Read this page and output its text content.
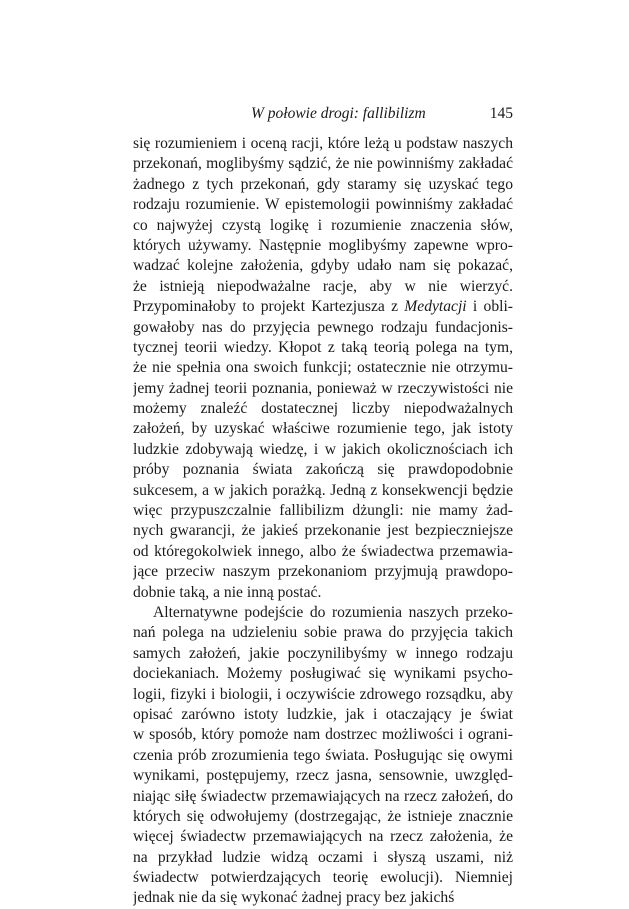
W połowie drogi: fallibilizm	145

się rozumieniem i oceną racji, które leżą u podstaw naszych
przekonań, moglibyśmy sądzić, że nie powinniśmy zakładać
żadnego z tych przekonań, gdy staramy się uzyskać tego
rodzaju rozumienie. W epistemologii powinniśmy zakładać
co najwyżej czystą logikę i rozumienie znaczenia słów,
których używamy. Następnie moglibyśmy zapewne wpro-
wadzać kolejne założenia, gdyby udało nam się pokazać,
że istnieją niepodważalne racje, aby w nie wierzyć.
Przypominałoby to projekt Kartezjusza z Medytacji i obli-
gowałoby nas do przyjęcia pewnego rodzaju fundacjonis-
tycznej teorii wiedzy. Kłopot z taką teorią polega na tym,
że nie spełnia ona swoich funkcji; ostatecznie nie otrzymu-
jemy żadnej teorii poznania, ponieważ w rzeczywistości nie
możemy znaleźć dostatecznej liczby niepodważalnych
założeń, by uzyskać właściwe rozumienie tego, jak istoty
ludzkie zdobywają wiedzę, i w jakich okolicznościach ich
próby poznania świata zakończą się prawdopodobnie
sukcesem, a w jakich porażką. Jedną z konsekwencji będzie
więc przypuszczalnie fallibilizm dżungli: nie mamy żad-
nych gwarancji, że jakieś przekonanie jest bezpieczniejsze
od któregokolwiek innego, albo że świadectwa przemawia-
jące przeciw naszym przekonaniom przyjmują prawdopo-
dobnie taką, a nie inną postać.

Alternatywne podejście do rozumienia naszych przeko-
nań polega na udzieleniu sobie prawa do przyjęcia takich
samych założeń, jakie poczynilibyśmy w innego rodzaju
dociekaniach. Możemy posługiwać się wynikami psycho-
logii, fizyki i biologii, i oczywiście zdrowego rozsądku, aby
opisać zarówno istoty ludzkie, jak i otaczający je świat
w sposób, który pomoże nam dostrzec możliwości i ograni-
czenia prób zrozumienia tego świata. Posługując się owymi
wynikami, postępujemy, rzecz jasna, sensownie, uwzględ-
niając siłę świadectw przemawiających na rzecz założeń, do
których się odwołujemy (dostrzegając, że istnieje znacznie
więcej świadectw przemawiających na rzecz założenia, że
na przykład ludzie widzą oczami i słyszą uszami, niż
świadectw potwierdzających teorię ewolucji). Niemniej
jednak nie da się wykonać żadnej pracy bez jakichś
